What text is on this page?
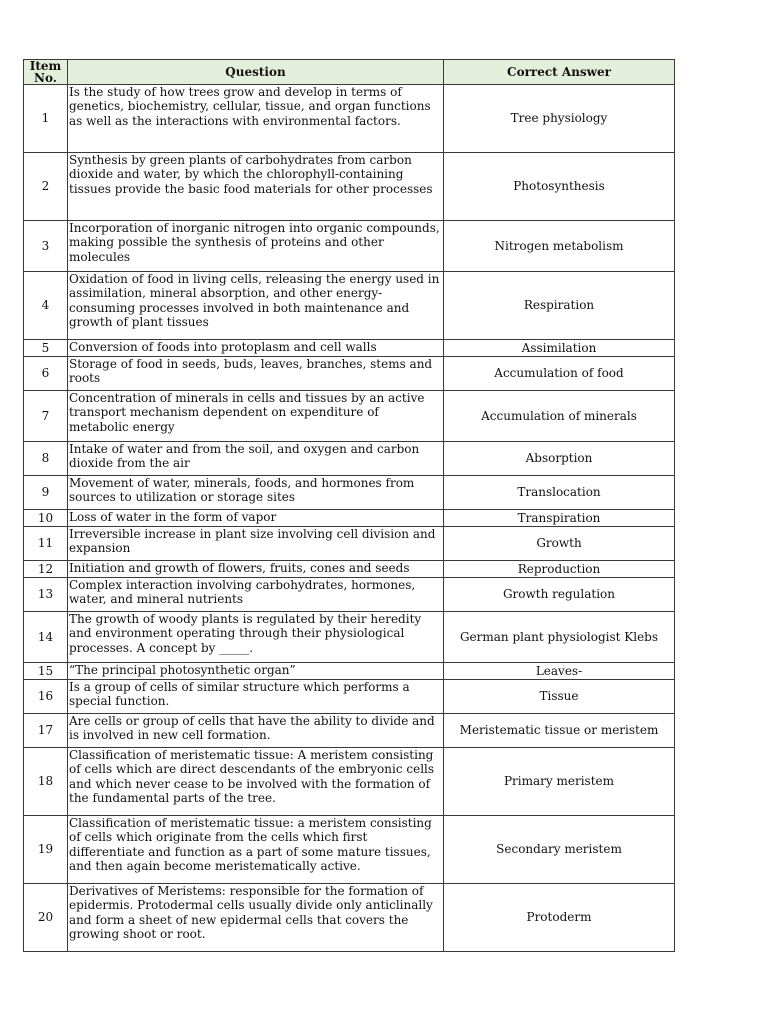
Item No.	Question	Correct Answer
1	Is the study of how trees grow and develop in terms of genetics, biochemistry, cellular, tissue, and organ functions as well as the interactions with environmental factors.	Tree physiology
2	Synthesis by green plants of carbohydrates from carbon dioxide and water, by which the chlorophyll-containing tissues provide the basic food materials for other processes	Photosynthesis
3	Incorporation of inorganic nitrogen into organic compounds, making possible the synthesis of proteins and other molecules	Nitrogen metabolism
4	Oxidation of food in living cells, releasing the energy used in assimilation, mineral absorption, and other energy-consuming processes involved in both maintenance and growth of plant tissues	Respiration
5	Conversion of foods into protoplasm and cell walls	Assimilation
6	Storage of food in seeds, buds, leaves, branches, stems and roots	Accumulation of food
7	Concentration of minerals in cells and tissues by an active transport mechanism dependent on expenditure of metabolic energy	Accumulation of minerals
8	Intake of water and from the soil, and oxygen and carbon dioxide from the air	Absorption
9	Movement of water, minerals, foods, and hormones from sources to utilization or storage sites	Translocation
10	Loss of water in the form of vapor	Transpiration
11	Irreversible increase in plant size involving cell division and expansion	Growth
12	Initiation and growth of flowers, fruits, cones and seeds	Reproduction
13	Complex interaction involving carbohydrates, hormones, water, and mineral nutrients	Growth regulation
14	The growth of woody plants is regulated by their heredity and environment operating through their physiological processes. A concept by _____.	German plant physiologist Klebs
15	“The principal photosynthetic organ”	Leaves-
16	Is a group of cells of similar structure which performs a special function.	Tissue
17	Are cells or group of cells that have the ability to divide and is involved in new cell formation.	Meristematic tissue or meristem
18	Classification of meristematic tissue: A meristem consisting of cells which are direct descendants of the embryonic cells and which never cease to be involved with the formation of the fundamental parts of the tree.	Primary meristem
19	Classification of meristematic tissue: a meristem consisting of cells which originate from the cells which first differentiate and function as a part of some mature tissues, and then again become meristematically active.	Secondary meristem
20	Derivatives of Meristems: responsible for the formation of epidermis. Protodermal cells usually divide only anticlinally and form a sheet of new epidermal cells that covers the growing shoot or root.	Protoderm
